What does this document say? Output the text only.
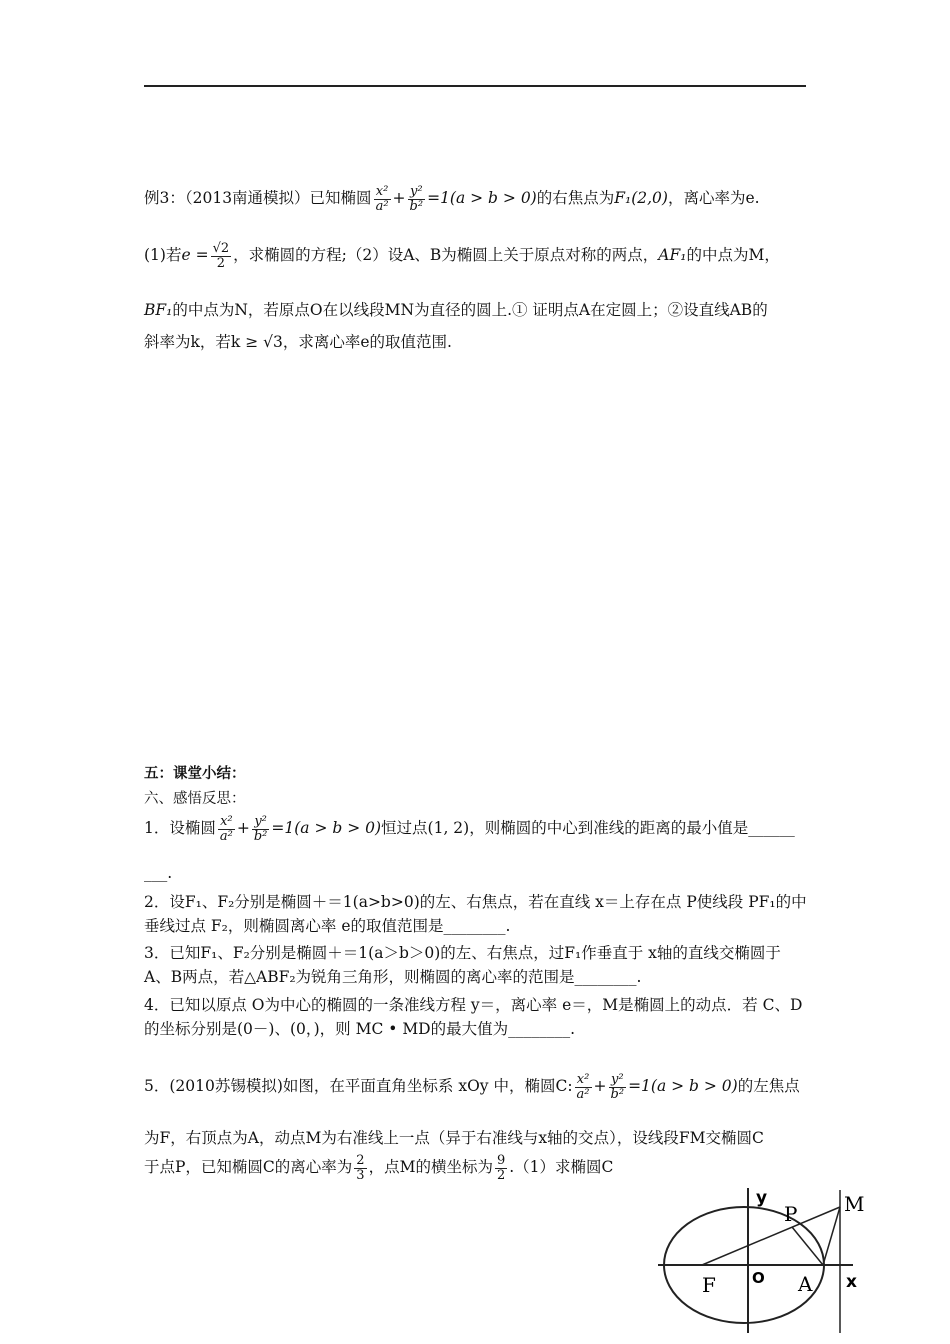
例3：（2013南通模拟）已知椭圆 $\frac{\text{x²}}{\text{a²}} + \frac{\text{y²}}{\text{b²}} =1(a > b > 0)$的右焦点为F₁(2,0)，离心率为e.
(1)若$e = \frac{√2}{2}$ ，求椭圆的方程;（2）设A、B为椭圆上关于原点对称的两点，AF₁的中点为M，
BF₁的中点为N，若原点O在以线段MN为直径的圆上.① 证明点A在定圆上；②设直线AB的
斜率为k，若k ≥ √3，求离心率e的取值范围.
五：课堂小结：
六、感悟反思：
1．设椭圆 $\frac{\text{x²}}{\text{a²}} + \frac{\text{y²}}{\text{b²}} =1(a > b > 0)$恒过点(1, 2)，则椭圆的中心到准线的距离的最小值是______
___.
2．设F₁、F₂分别是椭圆＋＝1(a>b>0)的左、右焦点，若在直线 x＝上存在点 P使线段 PF₁的中
垂线过点 F₂，则椭圆离心率 e的取值范围是________.
3．已知F₁、F₂分别是椭圆＋＝1(a＞b＞0)的左、右焦点，过F₁作垂直于 x轴的直线交椭圆于
A、B两点，若△ABF₂为锐角三角形，则椭圆的离心率的范围是________.
4．已知以原点 O为中心的椭圆的一条准线方程 y＝，离心率 e＝，M是椭圆上的动点．若 C、D
的坐标分别是(0－)、(0，)，则 MC • MD的最大值为________.
5．(2010苏锡模拟)如图，在平面直角坐标系 xOy 中，椭圆C: $\frac{\text{x²}}{\text{a²}} + \frac{\text{y²}}{\text{b²}} =1(a > b > 0)$的左焦点
为F，右顶点为A，动点M为右准线上一点（异于右准线与x轴的交点），设线段FM交椭圆C
于点P，已知椭圆C的离心率为 $\frac{2}{3}$ ，点M的横坐标为 $\frac{9}{2} .(1)$求椭圆C
y
x
O
F	A
P M
